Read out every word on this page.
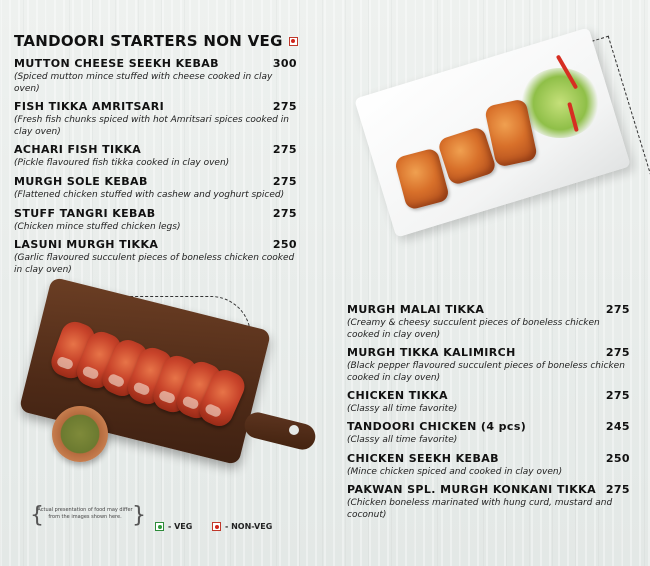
TANDOORI STARTERS NON VEG
MUTTON CHEESE SEEKH KEBAB	300
(Spiced mutton mince stuffed with cheese cooked in clay oven)
FISH TIKKA AMRITSARI	275
(Fresh fish chunks spiced with hot Amritsari spices cooked in clay oven)
ACHARI FISH TIKKA	275
(Pickle flavoured fish tikka cooked in clay oven)
MURGH SOLE KEBAB	275
(Flattened chicken stuffed with cashew and yoghurt spiced)
STUFF TANGRI KEBAB	275
(Chicken mince stuffed chicken legs)
LASUNI MURGH TIKKA	250
(Garlic flavoured succulent pieces of boneless chicken cooked in clay oven)
MURGH MALAI TIKKA	275
(Creamy & cheesy succulent pieces of boneless chicken cooked in clay oven)
MURGH TIKKA KALIMIRCH	275
(Black pepper flavoured succulent pieces of boneless chicken cooked in clay oven)
CHICKEN TIKKA	275
(Classy all time favorite)
TANDOORI CHICKEN (4 pcs)	245
(Classy all time favorite)
CHICKEN SEEKH KEBAB	250
(Mince chicken spiced and cooked in clay oven)
PAKWAN SPL. MURGH KONKANI TIKKA 275
(Chicken boneless marinated with hung curd, mustard and coconut)
{
Actual presentation of food may differ from the images shown here. }	- VEG	- NON-VEG
